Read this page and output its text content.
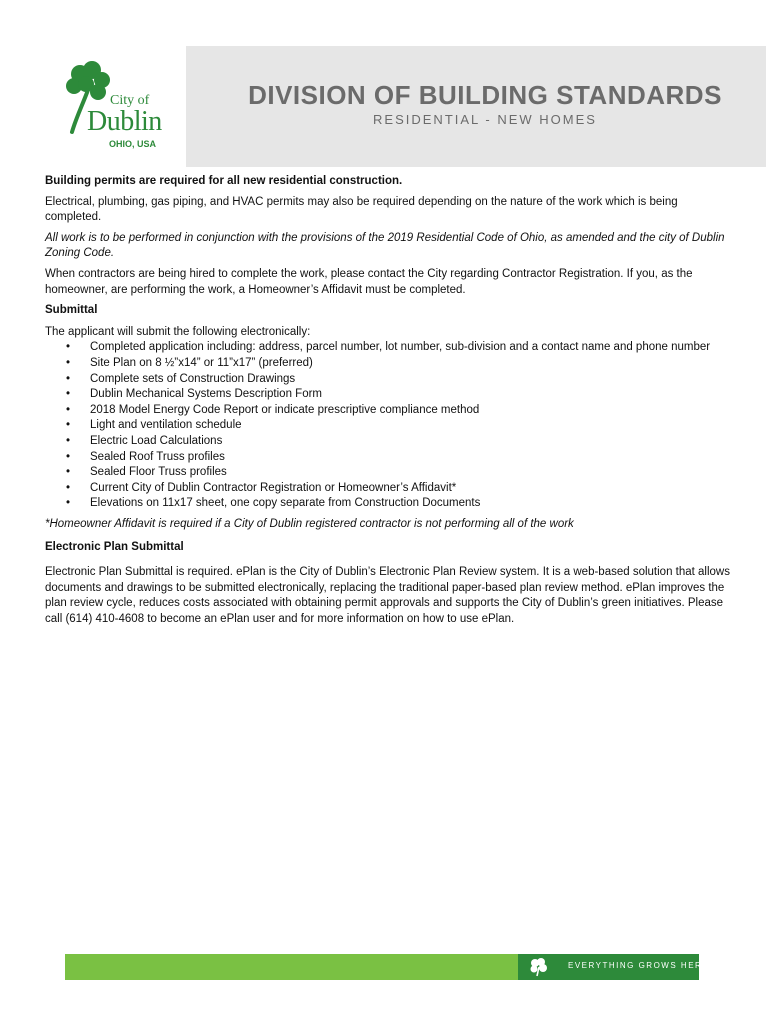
City of
Dublin
OHIO, USA
DIVISION OF BUILDING STANDARDS
RESIDENTIAL - NEW HOMES

Building permits are required for all new residential construction.

Electrical, plumbing, gas piping, and HVAC permits may also be required depending on the nature of the work which is being completed.

All work is to be performed in conjunction with the provisions of the 2019 Residential Code of Ohio, as amended and the city of Dublin Zoning Code.

When contractors are being hired to complete the work, please contact the City regarding Contractor Registration. If you, as the homeowner, are performing the work, a Homeowner’s Affidavit must be completed.

Submittal
The applicant will submit the following electronically:
• Completed application including: address, parcel number, lot number, sub-division and a contact name and phone number
• Site Plan on 8 ½”x14” or 11”x17” (preferred)
• Complete sets of Construction Drawings
• Dublin Mechanical Systems Description Form
• 2018 Model Energy Code Report or indicate prescriptive compliance method
• Light and ventilation schedule
• Electric Load Calculations
• Sealed Roof Truss profiles
• Sealed Floor Truss profiles
• Current City of Dublin Contractor Registration or Homeowner’s Affidavit*
• Elevations on 11x17 sheet, one copy separate from Construction Documents

*Homeowner Affidavit is required if a City of Dublin registered contractor is not performing all of the work

Electronic Plan Submittal

Electronic Plan Submittal is required. ePlan is the City of Dublin’s Electronic Plan Review system. It is a web-based solution that allows documents and drawings to be submitted electronically, replacing the traditional paper-based plan review method. ePlan improves the plan review cycle, reduces costs associated with obtaining permit approvals and supports the City of Dublin’s green initiatives. Please call (614) 410-4608 to become an ePlan user and for more information on how to use ePlan.

EVERYTHING GROWS HERE.
